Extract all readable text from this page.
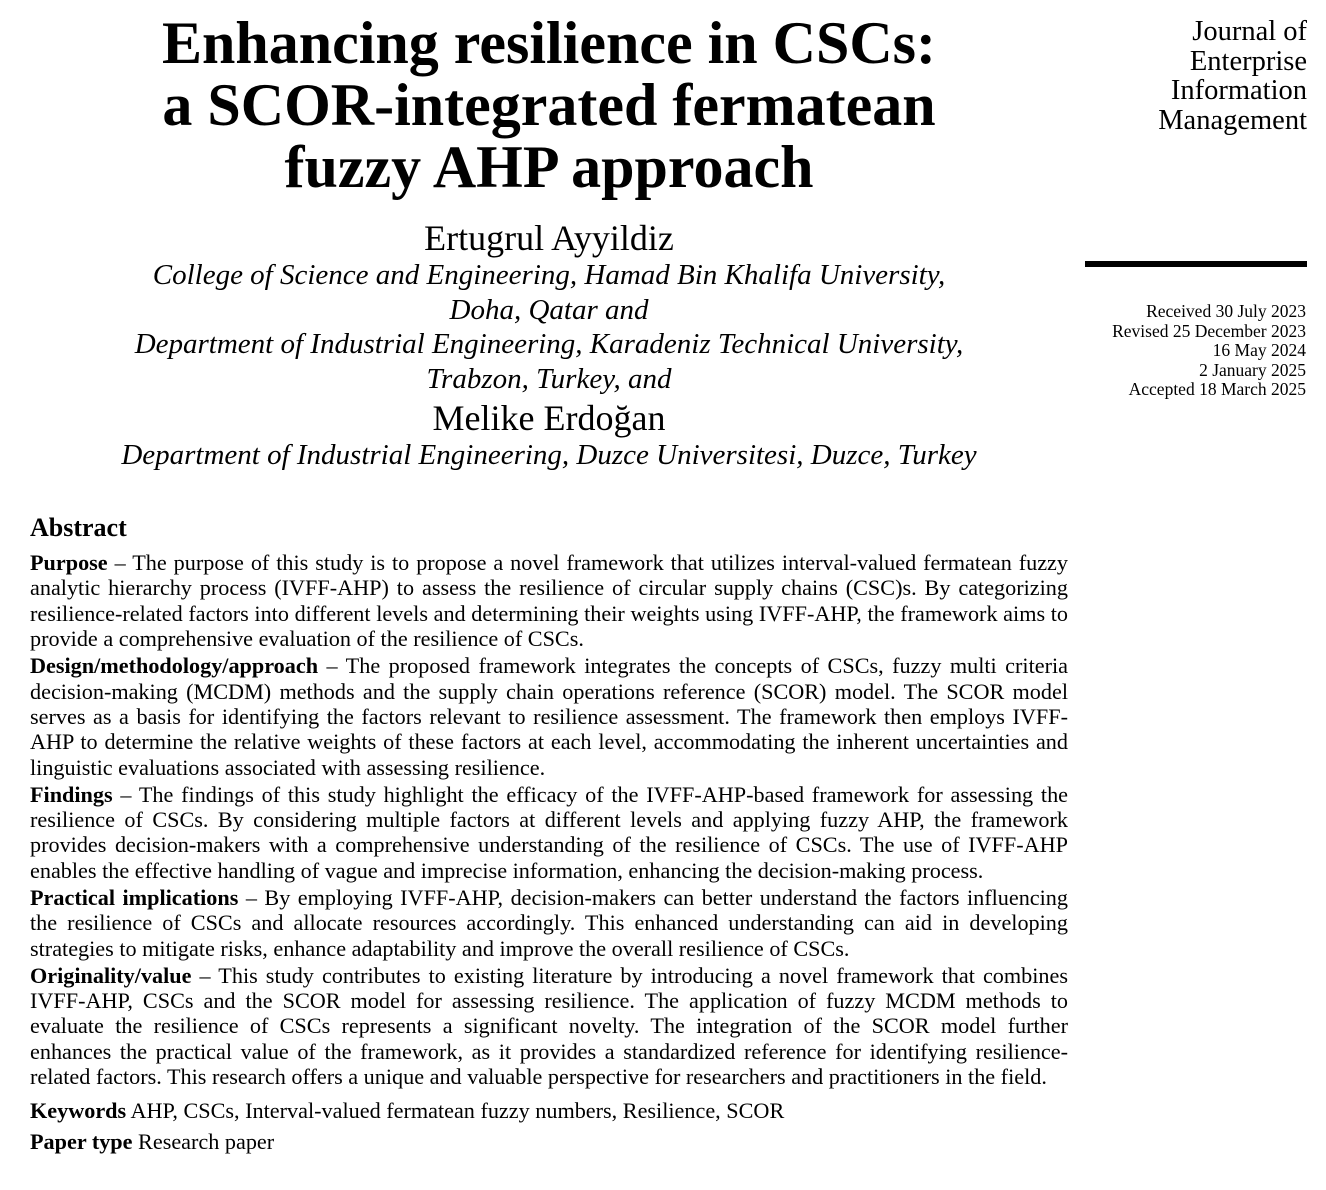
Enhancing resilience in CSCs:
a SCOR-integrated fermatean
fuzzy AHP approach
Ertugrul Ayyildiz
College of Science and Engineering, Hamad Bin Khalifa University,
Doha, Qatar and
Department of Industrial Engineering, Karadeniz Technical University,
Trabzon, Turkey, and
Melike Erdoğan
Department of Industrial Engineering, Duzce Universitesi, Duzce, Turkey
Abstract

Purpose – The purpose of this study is to propose a novel framework that utilizes interval-valued fermatean fuzzy analytic hierarchy process (IVFF-AHP) to assess the resilience of circular supply chains (CSC)s. By categorizing resilience-related factors into different levels and determining their weights using IVFF-AHP, the framework aims to provide a comprehensive evaluation of the resilience of CSCs.

Design/methodology/approach – The proposed framework integrates the concepts of CSCs, fuzzy multi criteria decision-making (MCDM) methods and the supply chain operations reference (SCOR) model. The SCOR model serves as a basis for identifying the factors relevant to resilience assessment. The framework then employs IVFF-AHP to determine the relative weights of these factors at each level, accommodating the inherent uncertainties and linguistic evaluations associated with assessing resilience.

Findings – The findings of this study highlight the efficacy of the IVFF-AHP-based framework for assessing the resilience of CSCs. By considering multiple factors at different levels and applying fuzzy AHP, the framework provides decision-makers with a comprehensive understanding of the resilience of CSCs. The use of IVFF-AHP enables the effective handling of vague and imprecise information, enhancing the decision-making process.

Practical implications – By employing IVFF-AHP, decision-makers can better understand the factors influencing the resilience of CSCs and allocate resources accordingly. This enhanced understanding can aid in developing strategies to mitigate risks, enhance adaptability and improve the overall resilience of CSCs.

Originality/value – This study contributes to existing literature by introducing a novel framework that combines IVFF-AHP, CSCs and the SCOR model for assessing resilience. The application of fuzzy MCDM methods to evaluate the resilience of CSCs represents a significant novelty. The integration of the SCOR model further enhances the practical value of the framework, as it provides a standardized reference for identifying resilience-related factors. This research offers a unique and valuable perspective for researchers and practitioners in the field.

Keywords AHP, CSCs, Interval-valued fermatean fuzzy numbers, Resilience, SCOR

Paper type Research paper

Journal of
Enterprise
Information
Management
Received 30 July 2023
Revised 25 December 2023
16 May 2024
2 January 2025
Accepted 18 March 2025
